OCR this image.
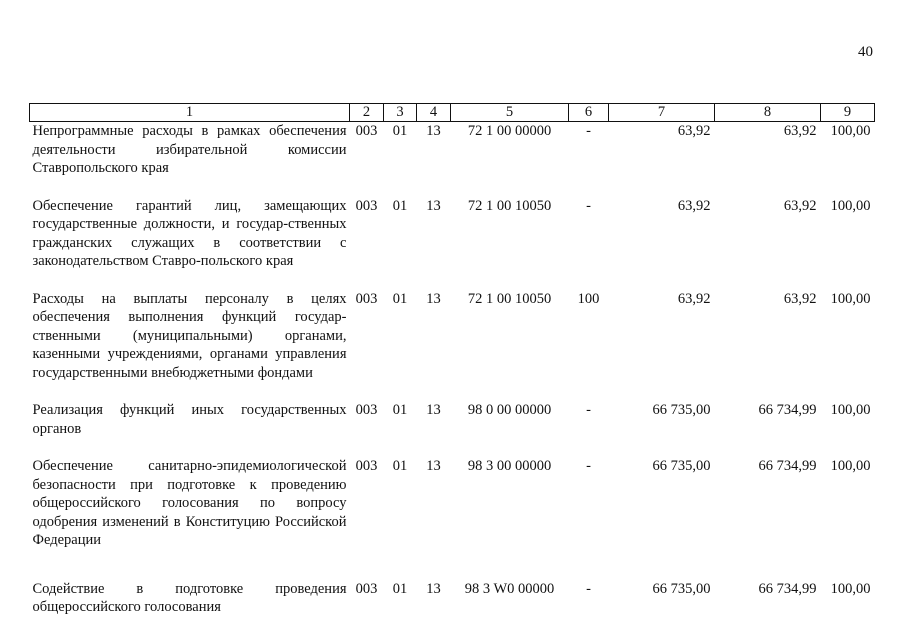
40
1	2	3	4	5	6	7	8	9
Непрограммные расходы в рамках обеспечения деятельности избирательной комиссии Ставропольского края	003	01	13	72 1 00 00000	-	63,92	63,92	100,00
Обеспечение гарантий лиц, замещающих государственные должности, и государ-ственных гражданских служащих в соответствии с законодательством Ставро-польского края	003	01	13	72 1 00 10050	-	63,92	63,92	100,00
Расходы на выплаты персоналу в целях обеспечения выполнения функций государ-ственными (муниципальными) органами, казенными учреждениями, органами управления государственными внебюджетными фондами	003	01	13	72 1 00 10050	100	63,92	63,92	100,00
Реализация функций иных государственных органов	003	01	13	98 0 00 00000	-	66 735,00	66 734,99	100,00
Обеспечение санитарно-эпидемиологической безопасности при подготовке к проведению общероссийского голосования по вопросу одобрения изменений в Конституцию Российской Федерации	003	01	13	98 3 00 00000	-	66 735,00	66 734,99	100,00
Содействие в подготовке проведения общероссийского голосования	003	01	13	98 3 W0 00000	-	66 735,00	66 734,99	100,00
